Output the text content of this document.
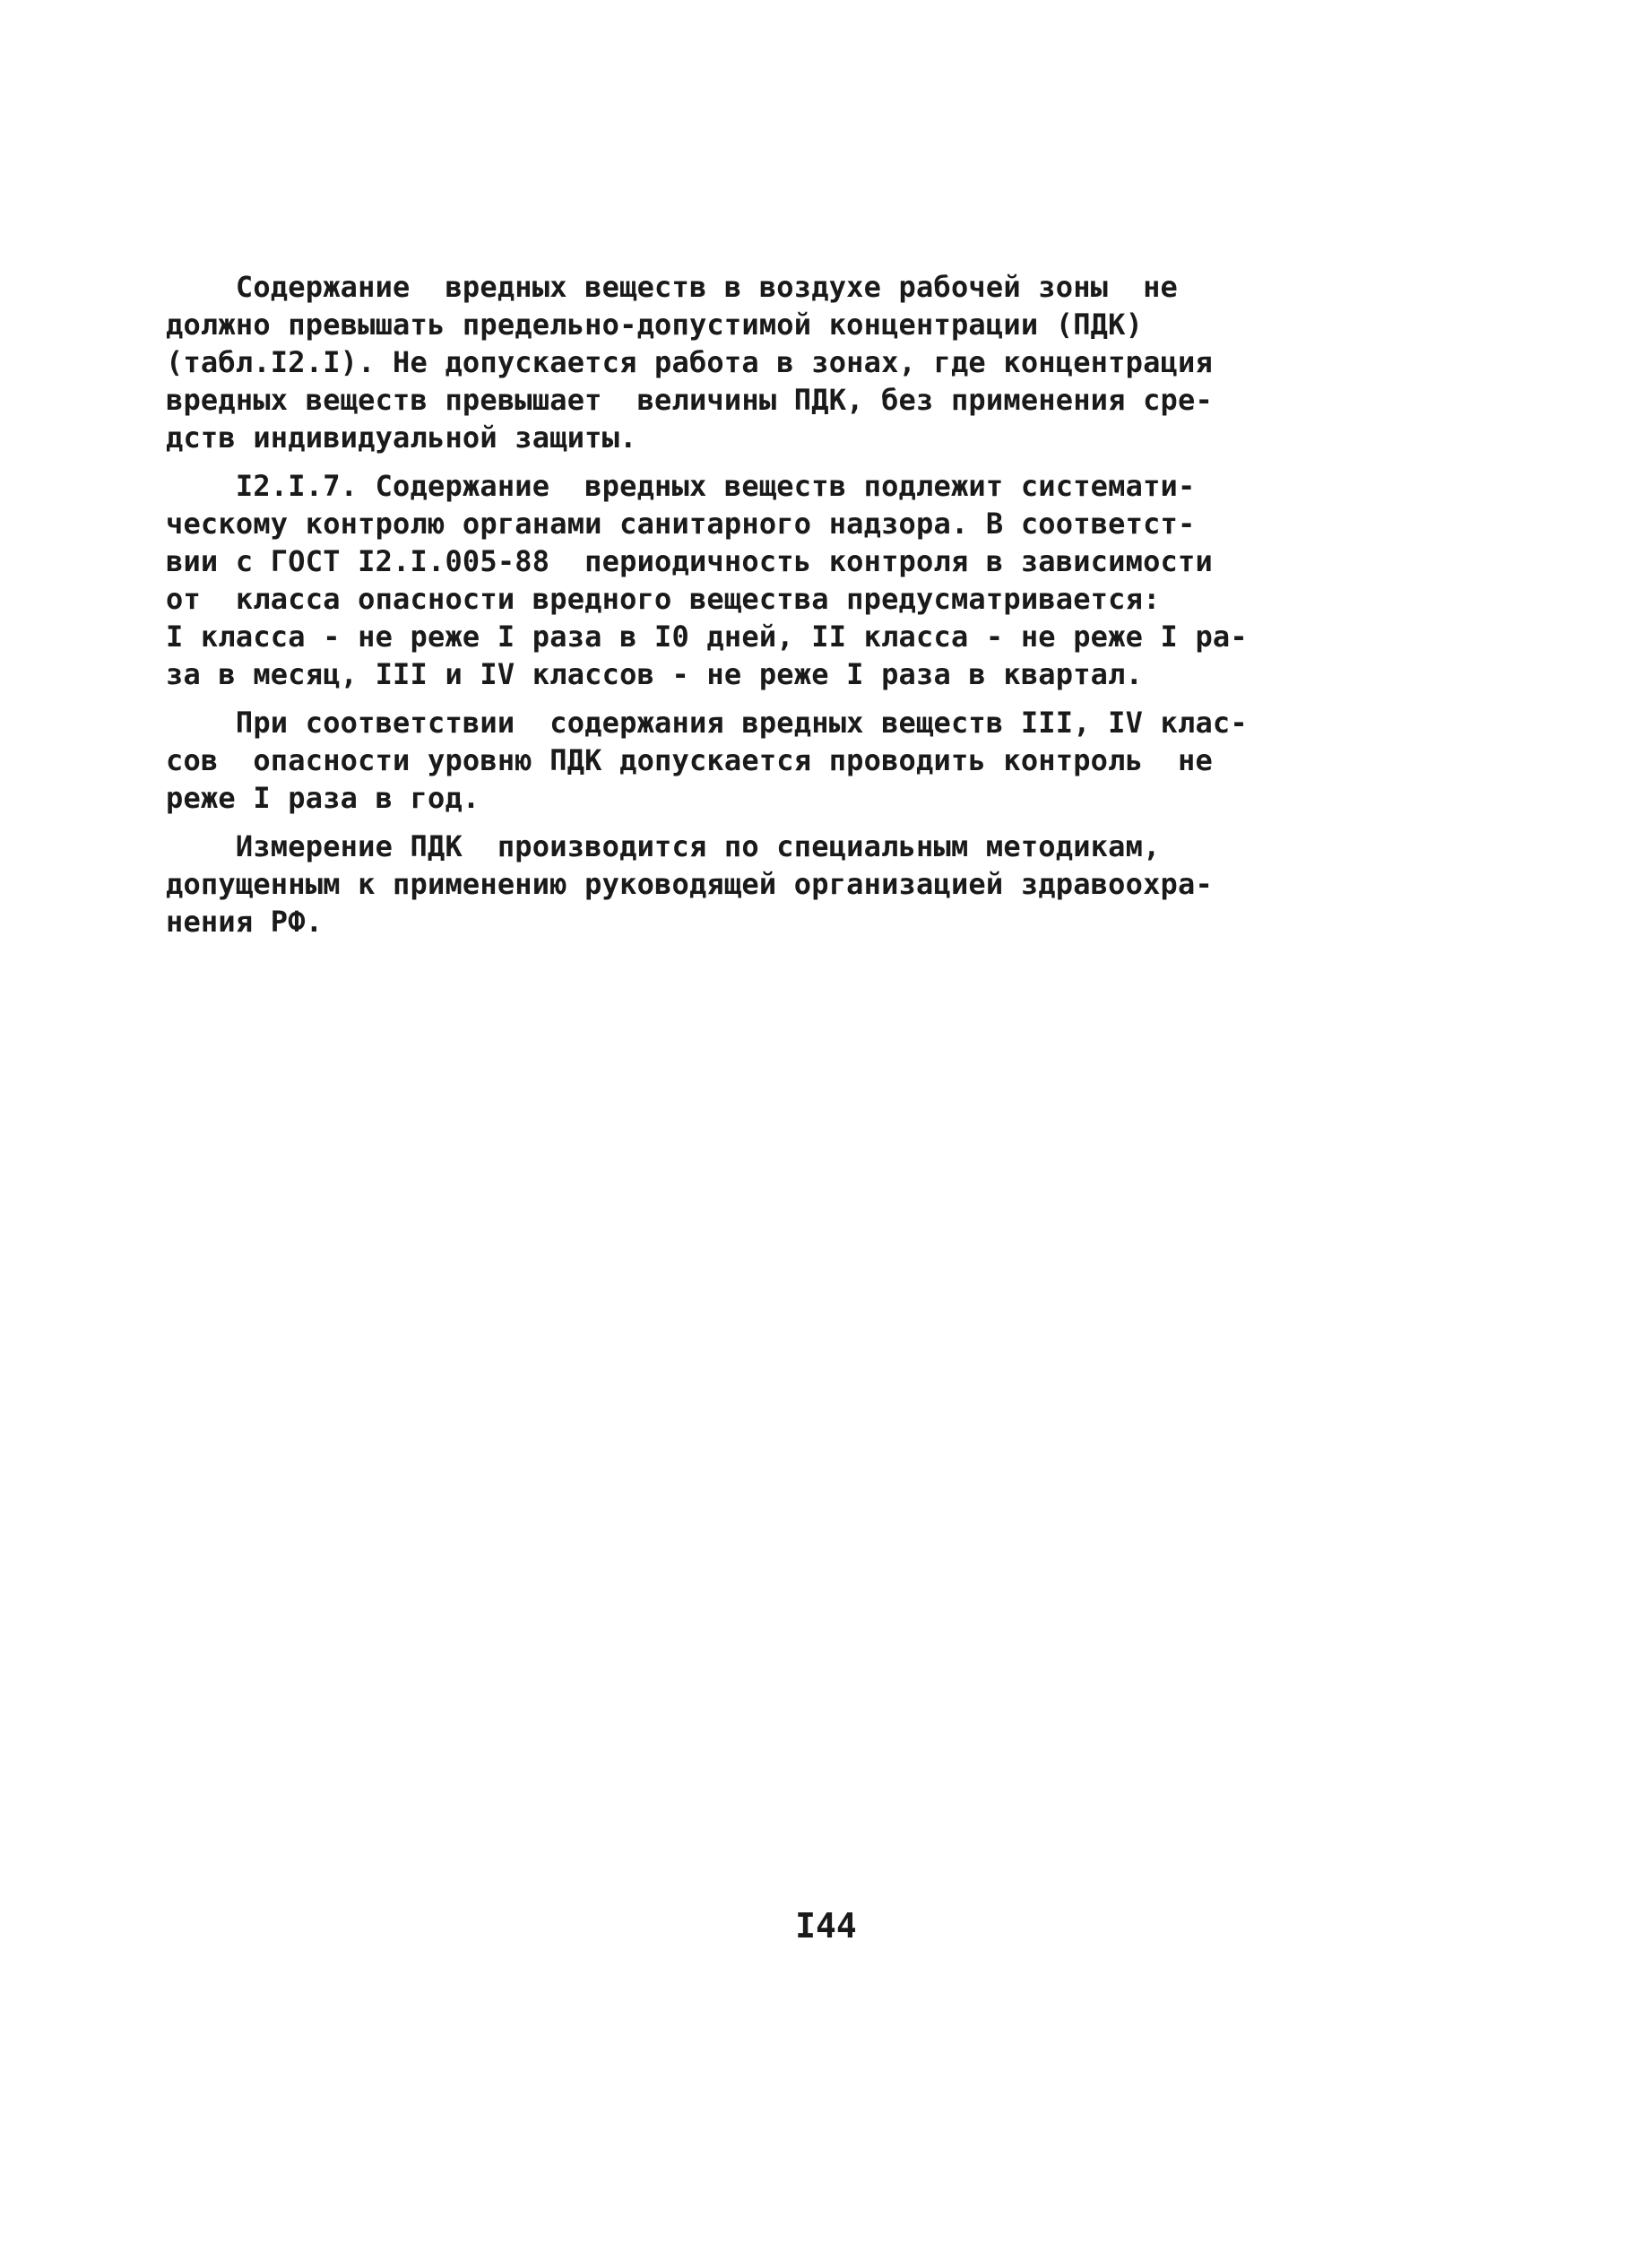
Содержание  вредных веществ в воздухе рабочей зоны  не
должно превышать предельно-допустимой концентрации (ПДК)
(табл.I2.I). Не допускается работа в зонах, где концентрация
вредных веществ превышает  величины ПДК, без применения сре-
дств индивидуальной защиты.
I2.I.7. Содержание  вредных веществ подлежит системати-
ческому контролю органами санитарного надзора. В соответст-
вии с ГОСТ I2.I.005-88  периодичность контроля в зависимости
от  класса опасности вредного вещества предусматривается:
I класса - не реже I раза в I0 дней, II класса - не реже I ра-
за в месяц, III и IV классов - не реже I раза в квартал.
При соответствии  содержания вредных веществ III, IV клас-
сов  опасности уровню ПДК допускается проводить контроль  не
реже I раза в год.
Измерение ПДК  производится по специальным методикам,
допущенным к применению руководящей организацией здравоохра-
нения РФ.
I44
